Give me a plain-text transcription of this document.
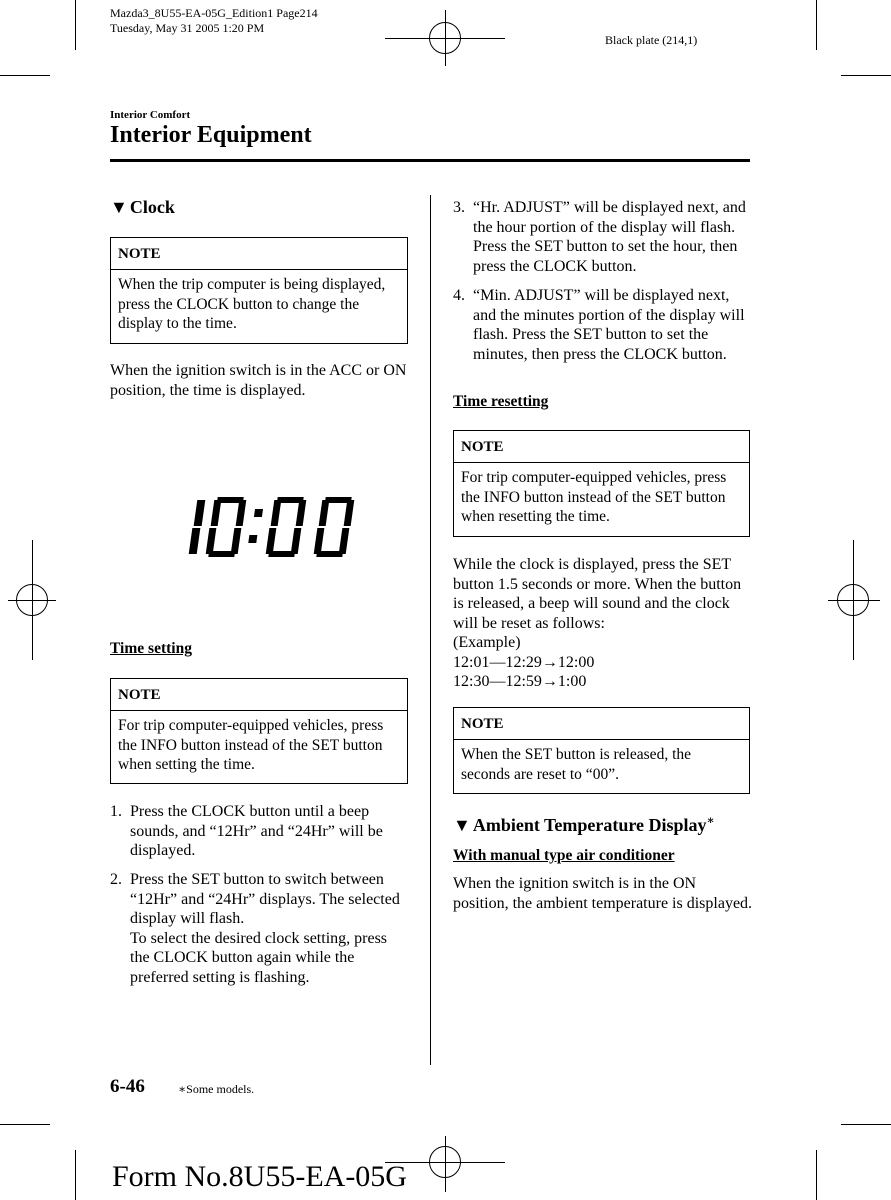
Mazda3_8U55-EA-05G_Edition1 Page214
Tuesday, May 31 2005 1:20 PM
Black plate (214,1)
Interior Comfort
Interior Equipment
▼ Clock
NOTE
When the trip computer is being displayed, press the CLOCK button to change the display to the time.
When the ignition switch is in the ACC or ON position, the time is displayed.
Time setting
NOTE
For trip computer-equipped vehicles, press the INFO button instead of the SET button when setting the time.
1. Press the CLOCK button until a beep sounds, and “12Hr” and “24Hr” will be displayed.
2. Press the SET button to switch between “12Hr” and “24Hr” displays. The selected display will flash.
To select the desired clock setting, press the CLOCK button again while the preferred setting is flashing.
3. “Hr. ADJUST” will be displayed next, and the hour portion of the display will flash. Press the SET button to set the hour, then press the CLOCK button.
4. “Min. ADJUST” will be displayed next, and the minutes portion of the display will flash. Press the SET button to set the minutes, then press the CLOCK button.
Time resetting
NOTE
For trip computer-equipped vehicles, press the INFO button instead of the SET button when resetting the time.
While the clock is displayed, press the SET button 1.5 seconds or more. When the button is released, a beep will sound and the clock will be reset as follows:
(Example)
12:01―12:29→12:00
12:30―12:59→1:00
NOTE
When the SET button is released, the seconds are reset to “00”.
▼ Ambient Temperature Display∗
With manual type air conditioner
When the ignition switch is in the ON position, the ambient temperature is displayed.
6-46	∗Some models.
Form No.8U55-EA-05G
